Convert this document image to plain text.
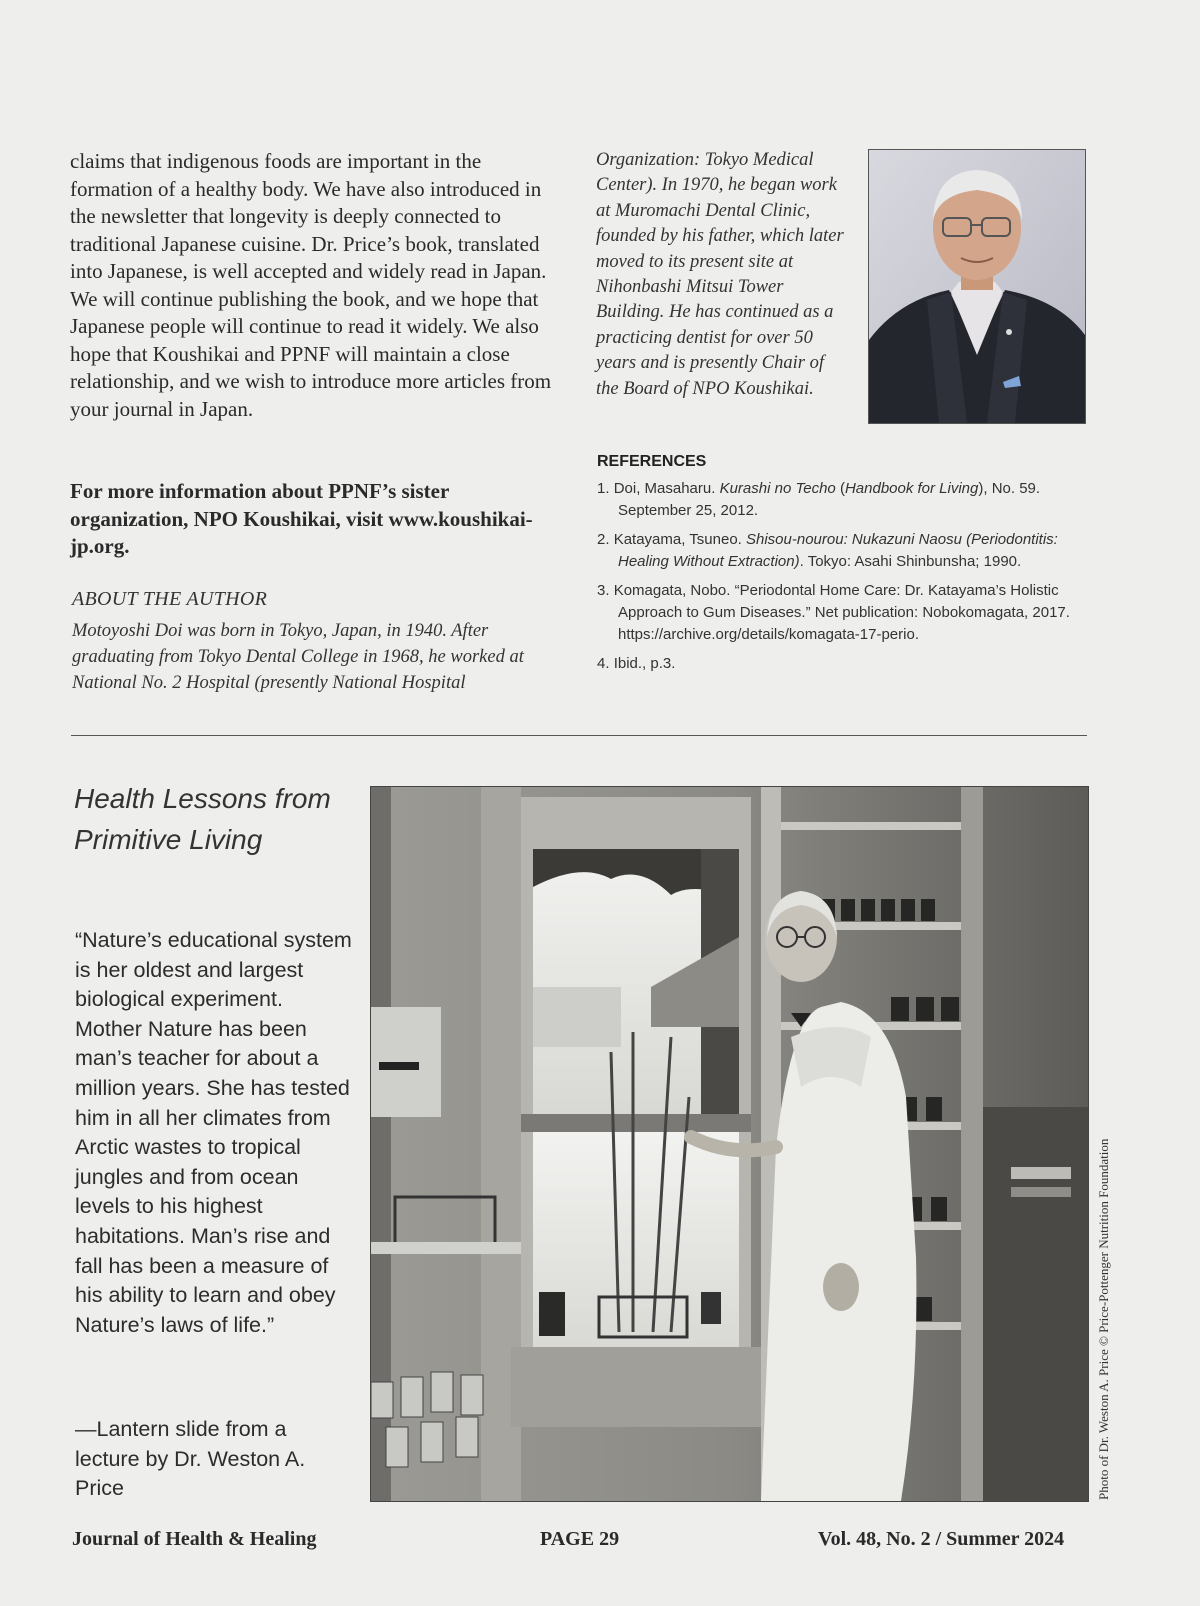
claims that indigenous foods are important in the formation of a healthy body. We have also introduced in the newsletter that longevity is deeply connected to traditional Japanese cuisine. Dr. Price’s book, translated into Japanese, is well accepted and widely read in Japan. We will continue publishing the book, and we hope that Japanese people will continue to read it widely. We also hope that Koushikai and PPNF will maintain a close relationship, and we wish to introduce more articles from your journal in Japan.

For more information about PPNF’s sister organization, NPO Koushikai, visit www.koushikai-jp.org.
ABOUT THE AUTHOR
Motoyoshi Doi was born in Tokyo, Japan, in 1940. After graduating from Tokyo Dental College in 1968, he worked at National No. 2 Hospital (presently National Hospital
Organization: Tokyo Medical Center). In 1970, he began work at Muromachi Dental Clinic, founded by his father, which later moved to its present site at Nihonbashi Mitsui Tower Building. He has continued as a practicing dentist for over 50 years and is presently Chair of the Board of NPO Koushikai.
REFERENCES
1. Doi, Masaharu. Kurashi no Techo (Handbook for Living), No. 59. September 25, 2012.
2. Katayama, Tsuneo. Shisou-nourou: Nukazuni Naosu (Periodontitis: Healing Without Extraction). Tokyo: Asahi Shinbunsha; 1990.
3. Komagata, Nobo. “Periodontal Home Care: Dr. Katayama’s Holistic Approach to Gum Diseases.” Net publication: Nobokomagata, 2017. https://archive.org/details/komagata-17-perio.
4. Ibid., p.3.
Health Lessons from Primitive Living

“Nature’s educational system is her oldest and largest biological experiment. Mother Nature has been man’s teacher for about a million years. She has tested him in all her climates from Arctic wastes to tropical jungles and from ocean levels to his highest habitations. Man’s rise and fall has been a measure of his ability to learn and obey Nature’s laws of life.”

—Lantern slide from a lecture by Dr. Weston A. Price	Photo of Dr. Weston A. Price © Price-Pottenger Nutrition Foundation
Journal of Health & Healing	PAGE 29	Vol. 48, No. 2 / Summer 2024
